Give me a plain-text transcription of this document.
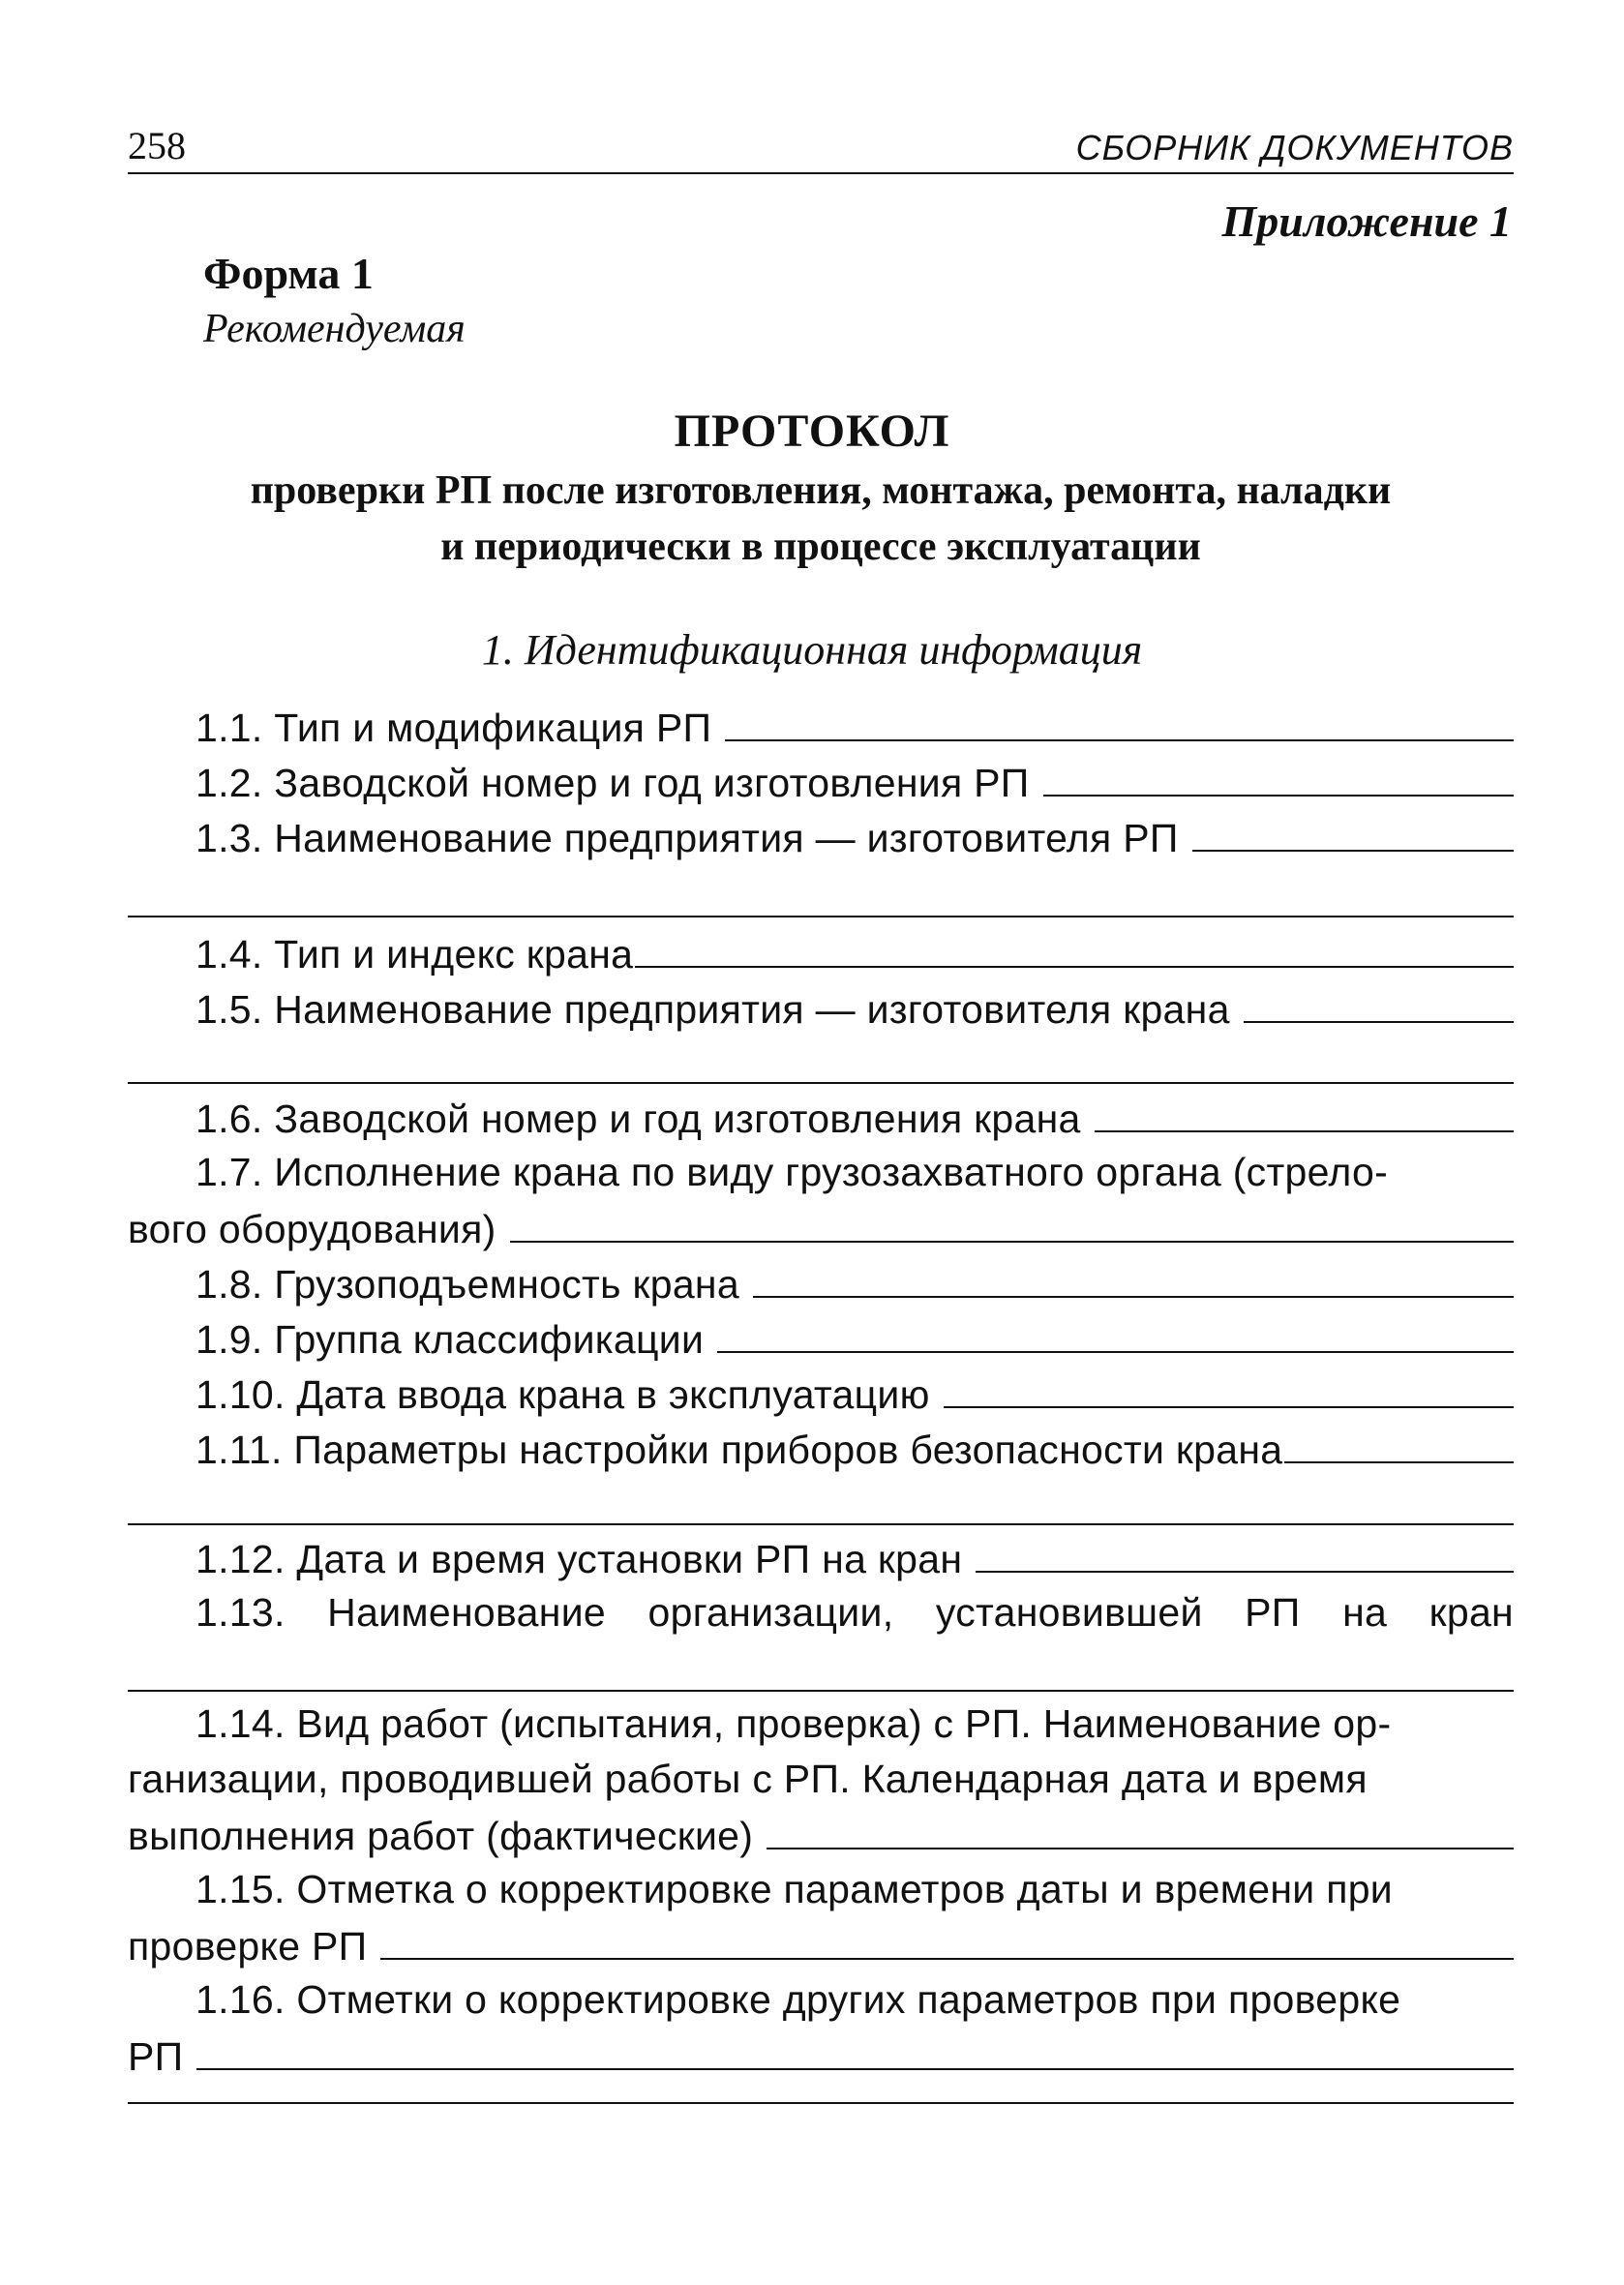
258	СБОРНИК ДОКУМЕНТОВ
Приложение 1
Форма 1
Рекомендуемая
ПРОТОКОЛ
проверки РП после изготовления, монтажа, ремонта, наладки
и периодически в процессе эксплуатации
1. Идентификационная информация
1.1. Тип и модификация РП
1.2. Заводской номер и год изготовления РП
1.3. Наименование предприятия — изготовителя РП
1.4. Тип и индекс крана
1.5. Наименование предприятия — изготовителя крана
1.6. Заводской номер и год изготовления крана
1.7. Исполнение крана по виду грузозахватного органа (стрело-
вого оборудования)
1.8. Грузоподъемность крана
1.9. Группа классификации
1.10. Дата ввода крана в эксплуатацию
1.11. Параметры настройки приборов безопасности крана
1.12. Дата и время установки РП на кран
1.13. Наименование организации, установившей РП на кран
1.14. Вид работ (испытания, проверка) с РП. Наименование ор-
ганизации, проводившей работы с РП. Календарная дата и время
выполнения работ (фактические)
1.15. Отметка о корректировке параметров даты и времени при
проверке РП
1.16. Отметки о корректировке других параметров при проверке
РП
